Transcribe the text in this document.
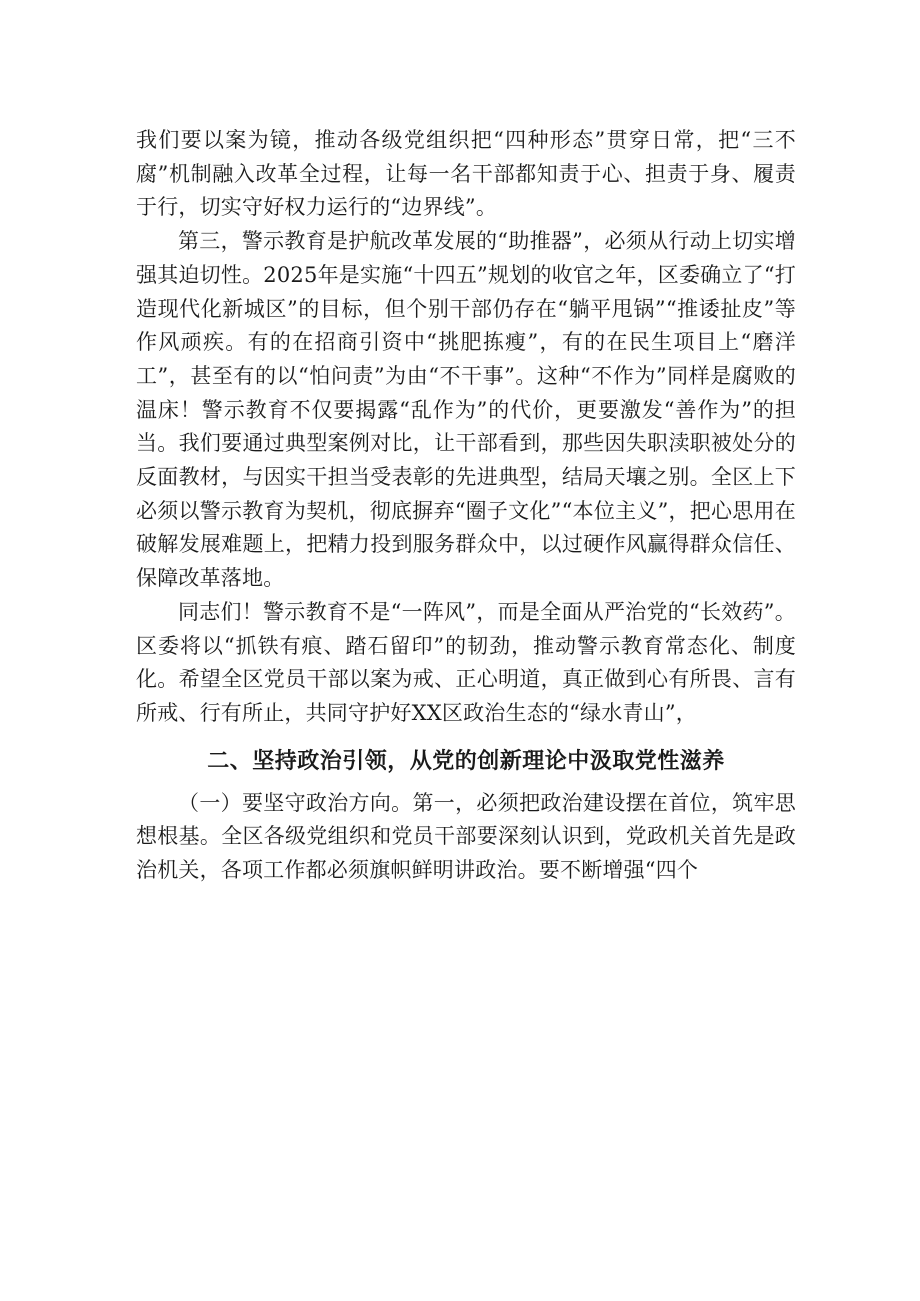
我们要以案为镜，推动各级党组织把“四种形态”贯穿日常，把“三不腐”机制融入改革全过程，让每一名干部都知责于心、担责于身、履责于行，切实守好权力运行的“边界线”。

第三，警示教育是护航改革发展的“助推器”，必须从行动上切实增强其迫切性。2025年是实施“十四五”规划的收官之年，区委确立了“打造现代化新城区”的目标，但个别干部仍存在“躺平甩锅”“推诿扯皮”等作风顽疾。有的在招商引资中“挑肥拣瘦”，有的在民生项目上“磨洋工”，甚至有的以“怕问责”为由“不干事”。这种“不作为”同样是腐败的温床！警示教育不仅要揭露“乱作为”的代价，更要激发“善作为”的担当。我们要通过典型案例对比，让干部看到，那些因失职渎职被处分的反面教材，与因实干担当受表彰的先进典型，结局天壤之别。全区上下必须以警示教育为契机，彻底摒弃“圈子文化”“本位主义”，把心思用在破解发展难题上，把精力投到服务群众中，以过硬作风赢得群众信任、保障改革落地。

同志们！警示教育不是“一阵风”，而是全面从严治党的“长效药”。区委将以“抓铁有痕、踏石留印”的韧劲，推动警示教育常态化、制度化。希望全区党员干部以案为戒、正心明道，真正做到心有所畏、言有所戒、行有所止，共同守护好XX区政治生态的“绿水青山”，

二、坚持政治引领，从党的创新理论中汲取党性滋养

（一）要坚守政治方向。第一，必须把政治建设摆在首位，筑牢思想根基。全区各级党组织和党员干部要深刻认识到，党政机关首先是政治机关，各项工作都必须旗帜鲜明讲政治。要不断增强“四个
